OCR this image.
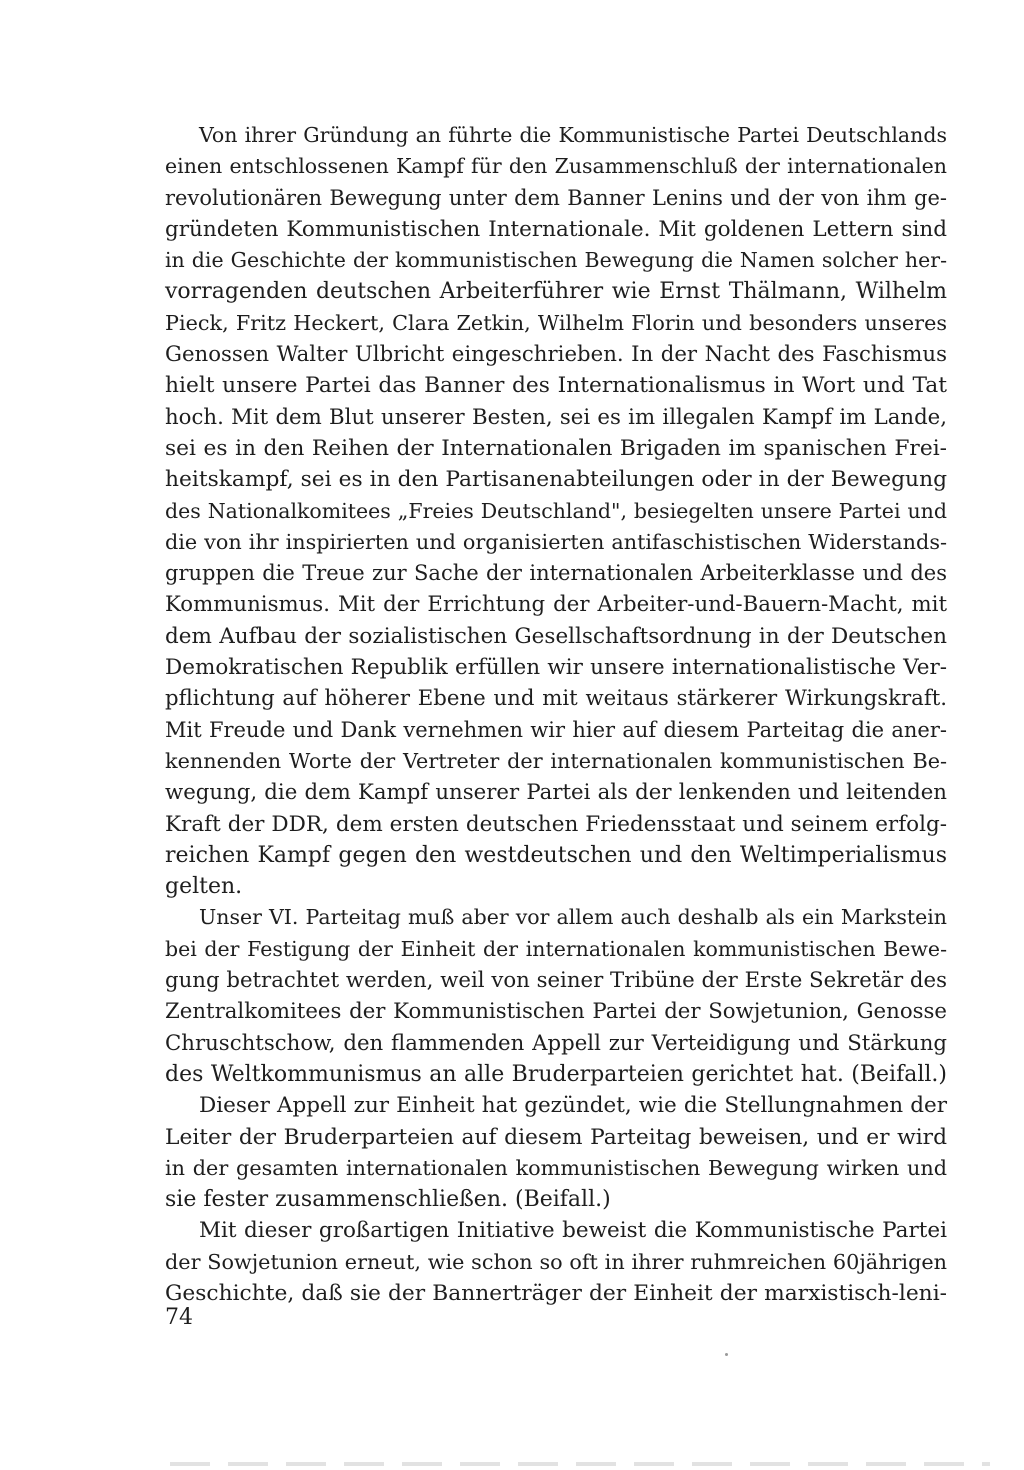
Von ihrer Gründung an führte die Kommunistische Partei Deutschlands
einen entschlossenen Kampf für den Zusammenschluß der internationalen
revolutionären Bewegung unter dem Banner Lenins und der von ihm ge-
gründeten Kommunistischen Internationale. Mit goldenen Lettern sind
in die Geschichte der kommunistischen Bewegung die Namen solcher her-
vorragenden deutschen Arbeiterführer wie Ernst Thälmann, Wilhelm
Pieck, Fritz Heckert, Clara Zetkin, Wilhelm Florin und besonders unseres
Genossen Walter Ulbricht eingeschrieben. In der Nacht des Faschismus
hielt unsere Partei das Banner des Internationalismus in Wort und Tat
hoch. Mit dem Blut unserer Besten, sei es im illegalen Kampf im Lande,
sei es in den Reihen der Internationalen Brigaden im spanischen Frei-
heitskampf, sei es in den Partisanenabteilungen oder in der Bewegung
des Nationalkomitees „Freies Deutschland", besiegelten unsere Partei und
die von ihr inspirierten und organisierten antifaschistischen Widerstands-
gruppen die Treue zur Sache der internationalen Arbeiterklasse und des
Kommunismus. Mit der Errichtung der Arbeiter-und-Bauern-Macht, mit
dem Aufbau der sozialistischen Gesellschaftsordnung in der Deutschen
Demokratischen Republik erfüllen wir unsere internationalistische Ver-
pflichtung auf höherer Ebene und mit weitaus stärkerer Wirkungskraft.
Mit Freude und Dank vernehmen wir hier auf diesem Parteitag die aner-
kennenden Worte der Vertreter der internationalen kommunistischen Be-
wegung, die dem Kampf unserer Partei als der lenkenden und leitenden
Kraft der DDR, dem ersten deutschen Friedensstaat und seinem erfolg-
reichen Kampf gegen den westdeutschen und den Weltimperialismus
gelten.
Unser VI. Parteitag muß aber vor allem auch deshalb als ein Markstein
bei der Festigung der Einheit der internationalen kommunistischen Bewe-
gung betrachtet werden, weil von seiner Tribüne der Erste Sekretär des
Zentralkomitees der Kommunistischen Partei der Sowjetunion, Genosse
Chruschtschow, den flammenden Appell zur Verteidigung und Stärkung
des Weltkommunismus an alle Bruderparteien gerichtet hat. (Beifall.)
Dieser Appell zur Einheit hat gezündet, wie die Stellungnahmen der
Leiter der Bruderparteien auf diesem Parteitag beweisen, und er wird
in der gesamten internationalen kommunistischen Bewegung wirken und
sie fester zusammenschließen. (Beifall.)
Mit dieser großartigen Initiative beweist die Kommunistische Partei
der Sowjetunion erneut, wie schon so oft in ihrer ruhmreichen 60jährigen
Geschichte, daß sie der Bannerträger der Einheit der marxistisch-leni-
74
